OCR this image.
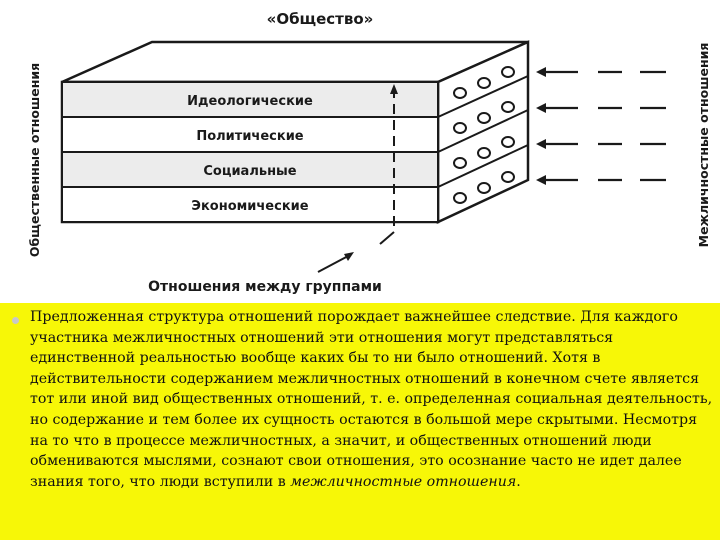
«Общество»
Идеологические
Политические
Социальные
Экономические
Отношения между группами
Общественные отношения	Межличностные отношения

Предложенная структура отношений порождает важнейшее следствие. Для каждого участника межличностных отношений эти отношения могут представляться единственной реальностью вообще каких бы то ни было отношений. Хотя в действительности содержанием межличностных отношений в конечном счете является тот или иной вид общественных отношений, т. е. определенная социальная деятельность, но содержание и тем более их сущность остаются в большой мере скрытыми. Несмотря на то что в процессе межличностных, а значит, и общественных отношений люди обмениваются мыслями, сознают свои отношения, это осознание часто не идет далее знания того, что люди вступили в межличностные отношения.
